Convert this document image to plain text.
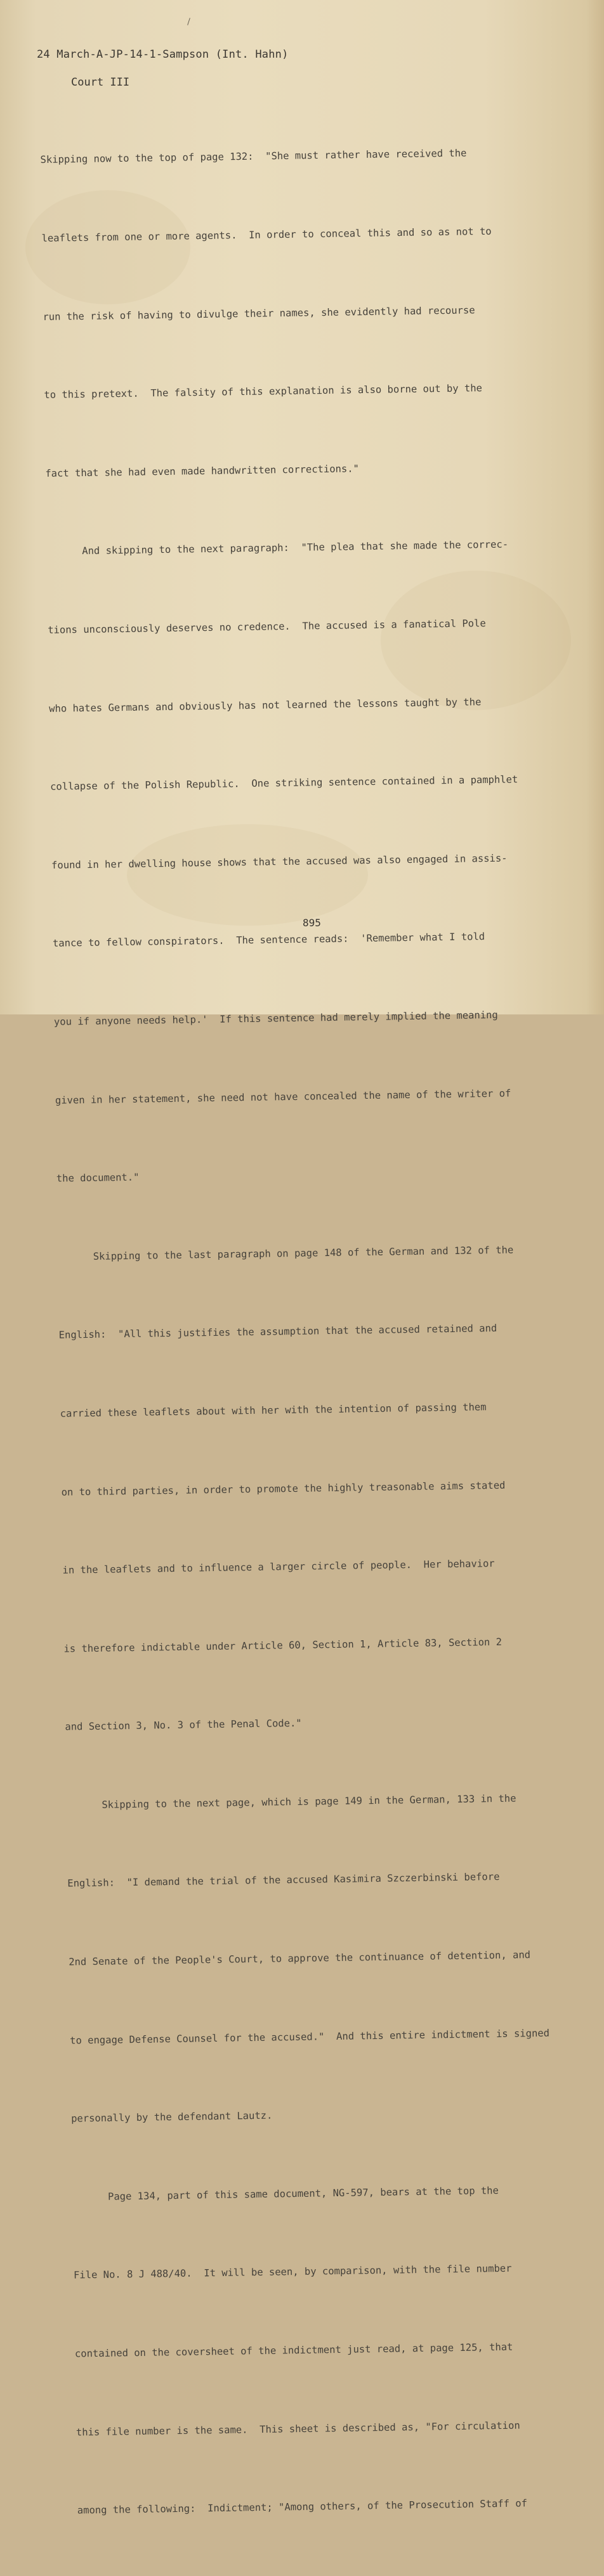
24 March-A-JP-14-1-Sampson (Int. Hahn)
Court III

Skipping now to the top of page 132:  "She must rather have received the

leaflets from one or more agents.  In order to conceal this and so as not to

run the risk of having to divulge their names, she evidently had recourse

to this pretext.  The falsity of this explanation is also borne out by the

fact that she had even made handwritten corrections."

And skipping to the next paragraph:  "The plea that she made the correc-

tions unconsciously deserves no credence.  The accused is a fanatical Pole

who hates Germans and obviously has not learned the lessons taught by the

collapse of the Polish Republic.  One striking sentence contained in a pamphlet

found in her dwelling house shows that the accused was also engaged in assis-

tance to fellow conspirators.  The sentence reads:  'Remember what I told

you if anyone needs help.'  If this sentence had merely implied the meaning

given in her statement, she need not have concealed the name of the writer of

the document."

Skipping to the last paragraph on page 148 of the German and 132 of the

English:  "All this justifies the assumption that the accused retained and

carried these leaflets about with her with the intention of passing them

on to third parties, in order to promote the highly treasonable aims stated

in the leaflets and to influence a larger circle of people.  Her behavior

is therefore indictable under Article 60, Section 1, Article 83, Section 2

and Section 3, No. 3 of the Penal Code."

Skipping to the next page, which is page 149 in the German, 133 in the

English:  "I demand the trial of the accused Kasimira Szczerbinski before

2nd Senate of the People's Court, to approve the continuance of detention, and

to engage Defense Counsel for the accused."  And this entire indictment is signed

personally by the defendant Lautz.

Page 134, part of this same document, NG-597, bears at the top the

File No. 8 J 488/40.  It will be seen, by comparison, with the file number

contained on the coversheet of the indictment just read, at page 125, that

this file number is the same.  This sheet is described as, "For circulation

among the following:  Indictment; "Among others, of the Prosecution Staff of

895
